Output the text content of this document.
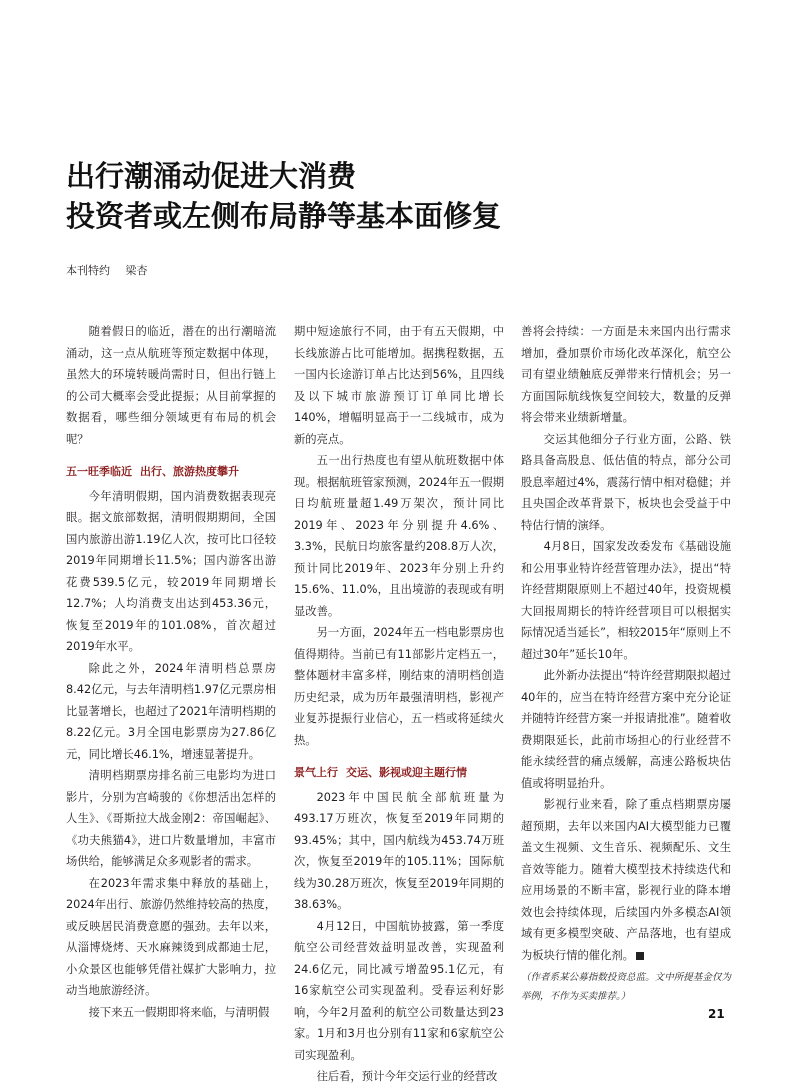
出行潮涌动促进大消费
投资者或左侧布局静等基本面修复
本刊特约 梁杏

随着假日的临近，潜在的出行潮暗流涌动，这一点从航班等预定数据中体现，虽然大的环境转暖尚需时日，但出行链上的公司大概率会受此提振；从目前掌握的数据看，哪些细分领域更有布局的机会呢？

五一旺季临近 出行、旅游热度攀升

今年清明假期，国内消费数据表现亮眼。据文旅部数据，清明假期期间，全国国内旅游出游1.19亿人次，按可比口径较2019年同期增长11.5%；国内游客出游花费539.5亿元，较2019年同期增长12.7%；人均消费支出达到453.36元，恢复至2019年的101.08%，首次超过2019年水平。

除此之外，2024年清明档总票房8.42亿元，与去年清明档1.97亿元票房相比显著增长，也超过了2021年清明档期的8.22亿元。3月全国电影票房为27.86亿元，同比增长46.1%，增速显著提升。

清明档期票房排名前三电影均为进口影片，分别为宫崎骏的《你想活出怎样的人生》、《哥斯拉大战金刚2：帝国崛起》、《功夫熊猫4》，进口片数量增加，丰富市场供给，能够满足众多观影者的需求。

在2023年需求集中释放的基础上，2024年出行、旅游仍然维持较高的热度，或反映居民消费意愿的强劲。去年以来，从淄博烧烤、天水麻辣烫到成都迪士尼，小众景区也能够凭借社媒扩大影响力，拉动当地旅游经济。

接下来五一假期即将来临，与清明假

期中短途旅行不同，由于有五天假期，中长线旅游占比可能增加。据携程数据，五一国内长途游订单占比达到56%，且四线及以下城市旅游预订订单同比增长140%，增幅明显高于一二线城市，成为新的亮点。

五一出行热度也有望从航班数据中体现。根据航班管家预测，2024年五一假期日均航班量超1.49万架次，预计同比2019年、2023年分别提升4.6%、3.3%，民航日均旅客量约208.8万人次，预计同比2019年、2023年分别上升约15.6%、11.0%，且出境游的表现或有明显改善。

另一方面，2024年五一档电影票房也值得期待。当前已有11部影片定档五一，整体题材丰富多样，刚结束的清明档创造历史纪录，成为历年最强清明档，影视产业复苏提振行业信心，五一档或将延续火热。

景气上行 交运、影视或迎主题行情

2023年中国民航全部航班量为493.17万班次，恢复至2019年同期的93.45%；其中，国内航线为453.74万班次，恢复至2019年的105.11%；国际航线为30.28万班次，恢复至2019年同期的38.63%。

4月12日，中国航协披露，第一季度航空公司经营效益明显改善，实现盈利24.6亿元，同比减亏增盈95.1亿元，有16家航空公司实现盈利。受春运利好影响，今年2月盈利的航空公司数量达到23家。1月和3月也分别有11家和6家航空公司实现盈利。

往后看，预计今年交运行业的经营改

善将会持续：一方面是未来国内出行需求增加，叠加票价市场化改革深化，航空公司有望业绩触底反弹带来行情机会；另一方面国际航线恢复空间较大，数量的反弹将会带来业绩新增量。

交运其他细分子行业方面，公路、铁路具备高股息、低估值的特点，部分公司股息率超过4%，震荡行情中相对稳健；并且央国企改革背景下，板块也会受益于中特估行情的演绎。

4月8日，国家发改委发布《基础设施和公用事业特许经营管理办法》，提出“特许经营期限原则上不超过40年，投资规模大回报周期长的特许经营项目可以根据实际情况适当延长”，相较2015年“原则上不超过30年”延长10年。

此外新办法提出“特许经营期限拟超过40年的，应当在特许经营方案中充分论证并随特许经营方案一并报请批准”。随着收费期限延长，此前市场担心的行业经营不能永续经营的痛点缓解，高速公路板块估值或将明显抬升。

影视行业来看，除了重点档期票房屡超预期，去年以来国内AI大模型能力已覆盖文生视频、文生音乐、视频配乐、文生音效等能力。随着大模型技术持续迭代和应用场景的不断丰富，影视行业的降本增效也会持续体现，后续国内外多模态AI领域有更多模型突破、产品落地，也有望成为板块行情的催化剂。

（作者系某公募指数投资总监。文中所提基金仅为举例，不作为买卖推荐。）

21
